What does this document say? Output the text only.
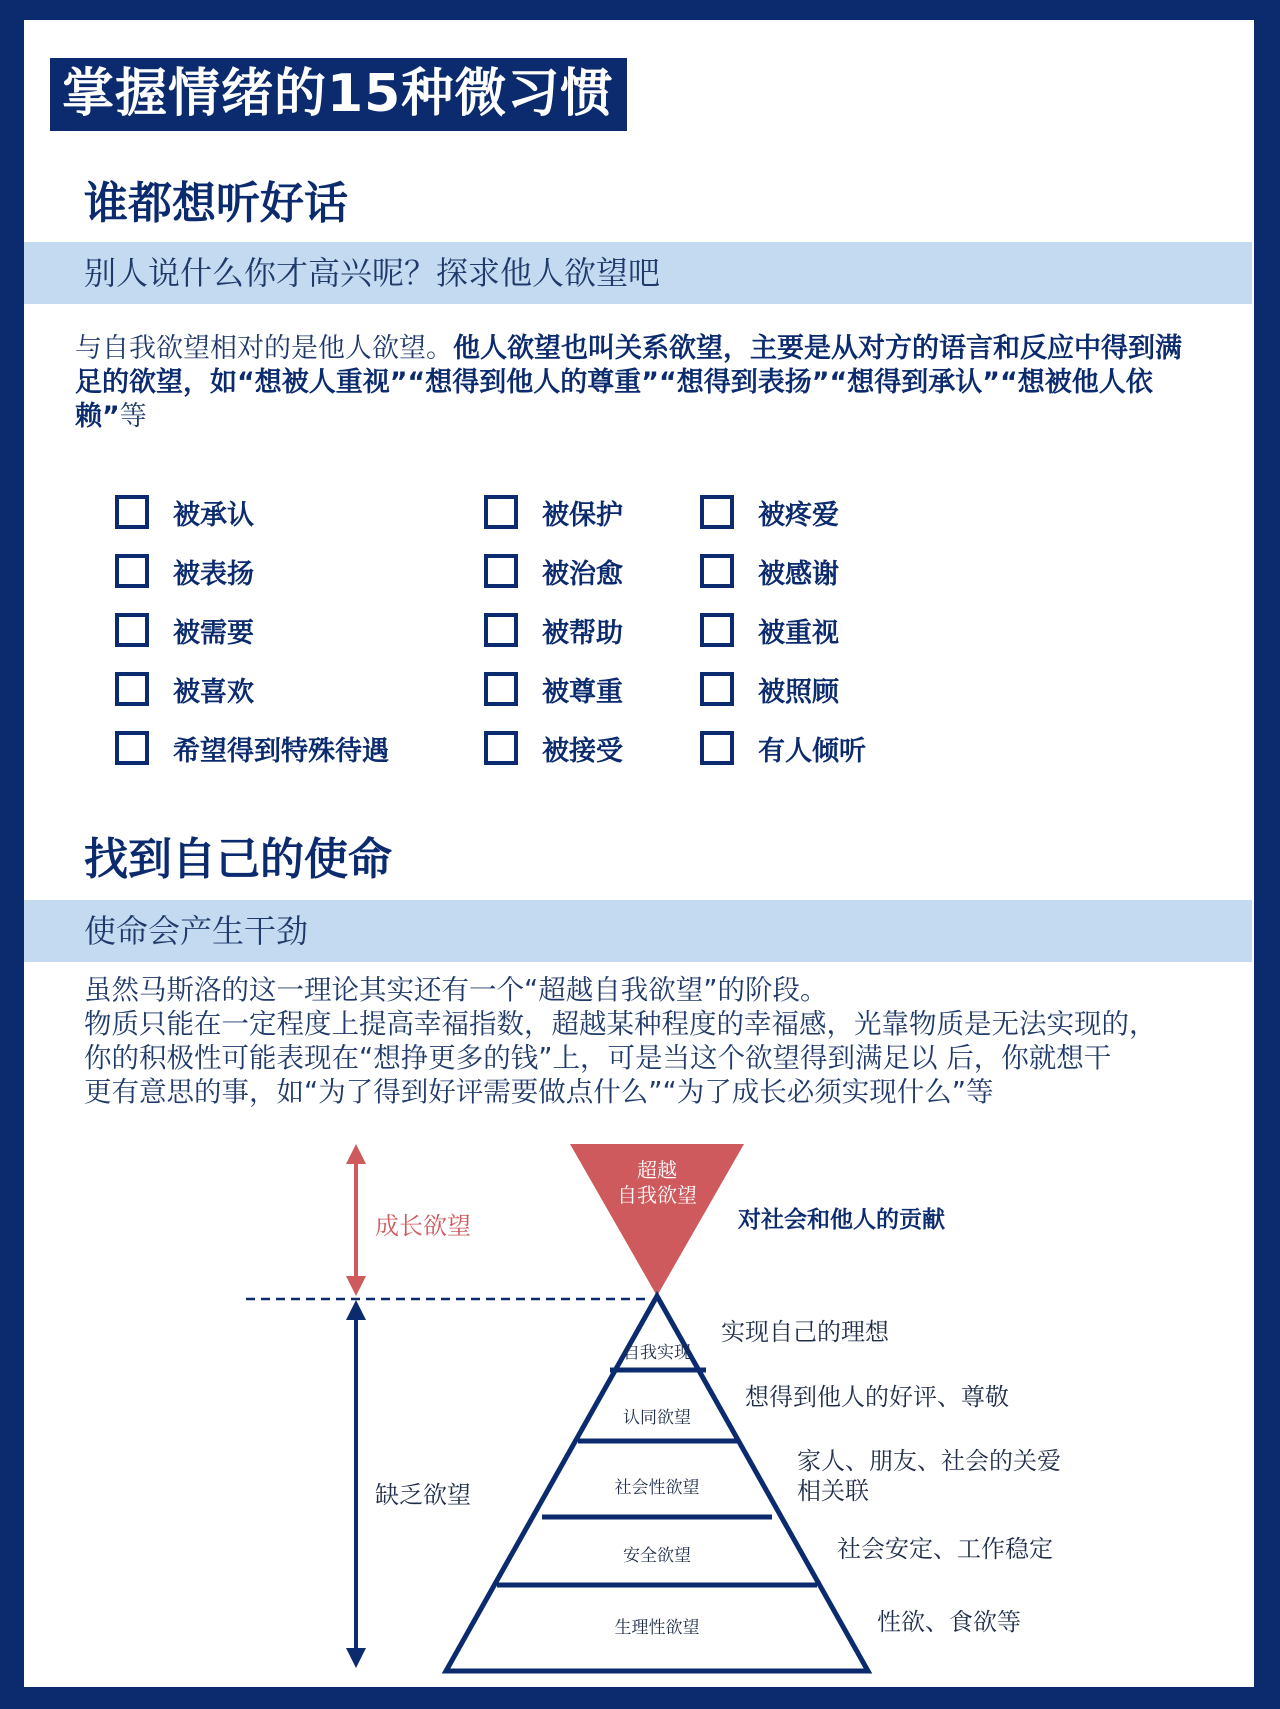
掌握情绪的15种微习惯
谁都想听好话
别人说什么你才高兴呢？探求他人欲望吧
与自我欲望相对的是他人欲望。他人欲望也叫关系欲望，主要是从对方的语言和反应中得到满足的欲望，如“想被人重视”“想得到他人的尊重”“想得到表扬”“想得到承认”“想被他人依赖”等
被承认
被表扬
被需要
被喜欢
希望得到特殊待遇
被保护
被治愈
被帮助
被尊重
被接受
被疼爱
被感谢
被重视
被照顾
有人倾听
找到自己的使命
使命会产生干劲
虽然马斯洛的这一理论其实还有一个“超越自我欲望”的阶段。
物质只能在一定程度上提高幸福指数，超越某种程度的幸福感，光靠物质是无法实现的，
你的积极性可能表现在“想挣更多的钱”上，可是当这个欲望得到满足以 后，你就想干
更有意思的事，如“为了得到好评需要做点什么”“为了成长必须实现什么”等
成长欲望
缺乏欲望
超越
自我欲望
对社会和他人的贡献
自我实现
认同欲望
社会性欲望
安全欲望
生理性欲望
实现自己的理想
想得到他人的好评、尊敬
家人、朋友、社会的关爱
相关联
社会安定、工作稳定
性欲、食欲等
